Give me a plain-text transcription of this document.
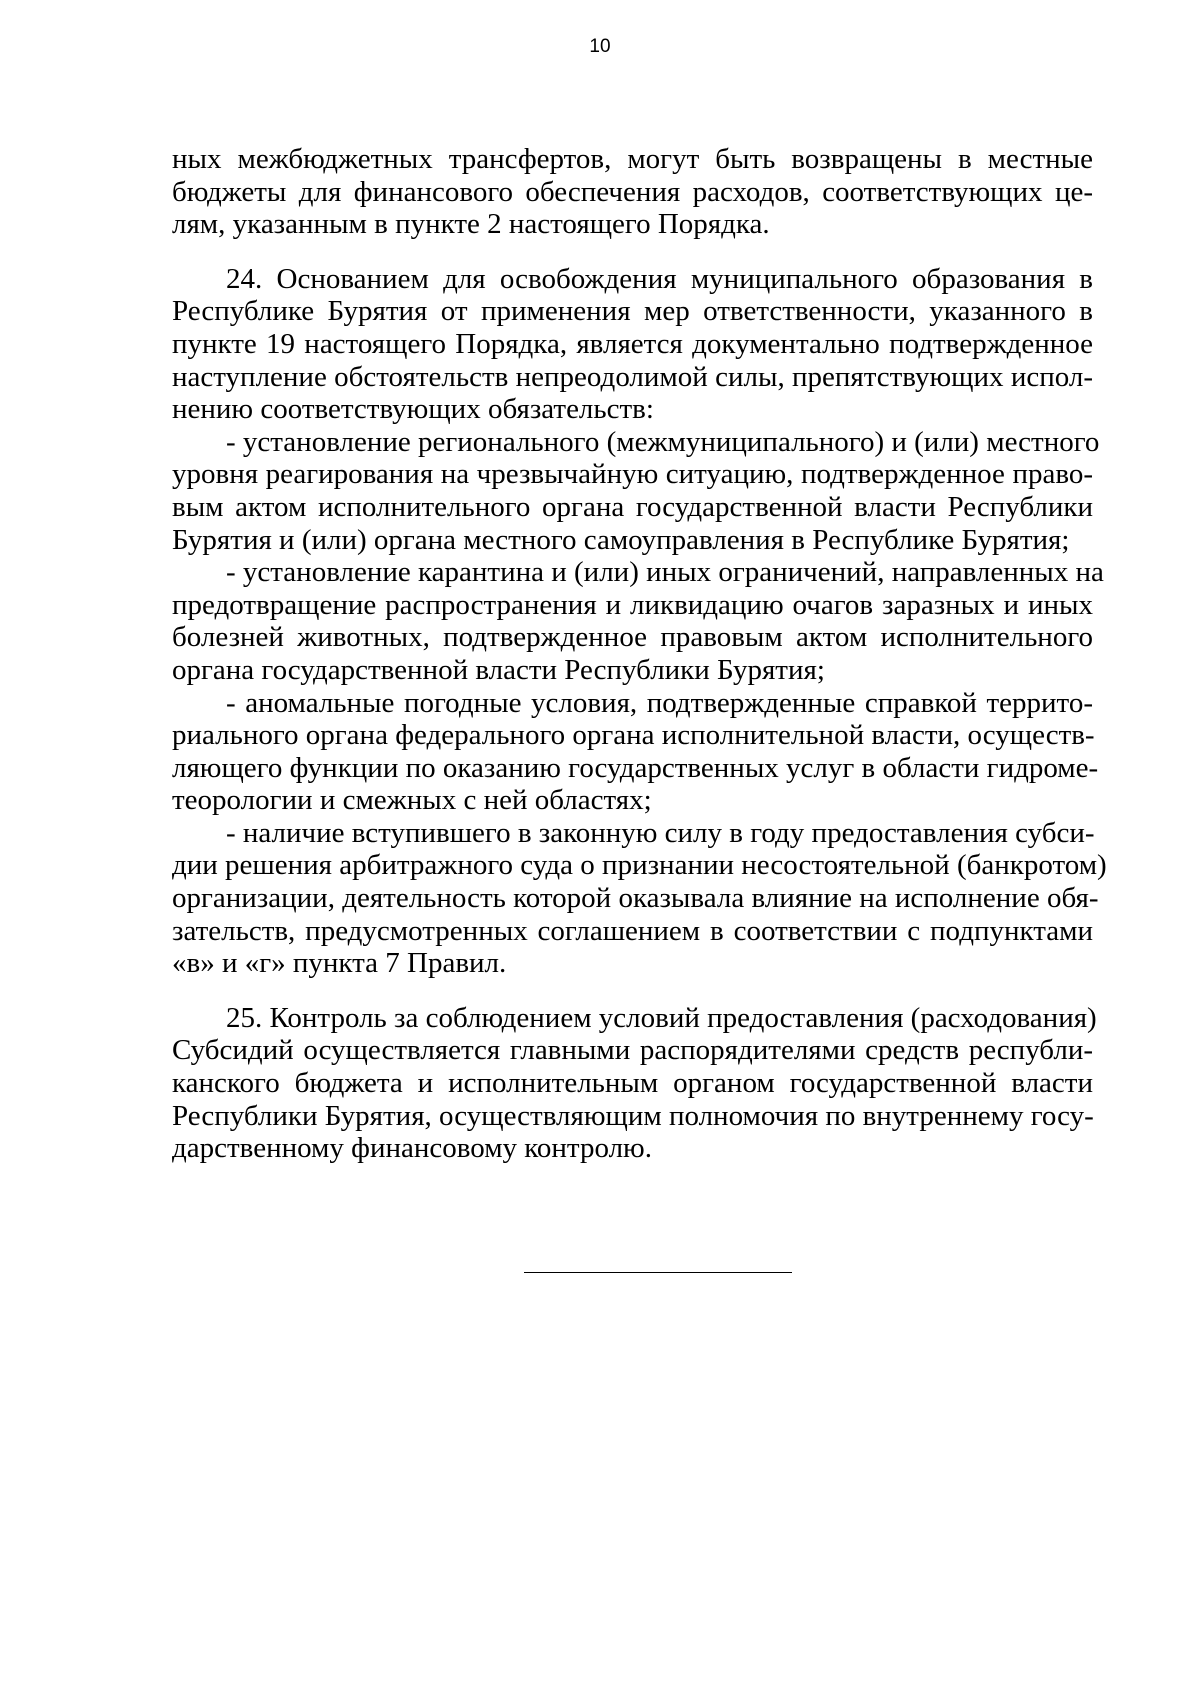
10
ных межбюджетных трансфертов, могут быть возвращены в местные
бюджеты для финансового обеспечения расходов, соответствующих це-
лям, указанным в пункте 2 настоящего Порядка.
24. Основанием для освобождения муниципального образования в
Республике Бурятия от применения мер ответственности, указанного в
пункте 19 настоящего Порядка, является документально подтвержденное
наступление обстоятельств непреодолимой силы, препятствующих испол-
нению соответствующих обязательств:
- установление регионального (межмуниципального) и (или) местного
уровня реагирования на чрезвычайную ситуацию, подтвержденное право-
вым актом исполнительного органа государственной власти Республики
Бурятия и (или) органа местного самоуправления в Республике Бурятия;
- установление карантина и (или) иных ограничений, направленных на
предотвращение распространения и ликвидацию очагов заразных и иных
болезней животных, подтвержденное правовым актом исполнительного
органа государственной власти Республики Бурятия;
- аномальные погодные условия, подтвержденные справкой террито-
риального органа федерального органа исполнительной власти, осуществ-
ляющего функции по оказанию государственных услуг в области гидроме-
теорологии и смежных с ней областях;
- наличие вступившего в законную силу в году предоставления субси-
дии решения арбитражного суда о признании несостоятельной (банкротом)
организации, деятельность которой оказывала влияние на исполнение обя-
зательств, предусмотренных соглашением в соответствии с подпунктами
«в» и «г» пункта 7 Правил.
25. Контроль за соблюдением условий предоставления (расходования)
Субсидий осуществляется главными распорядителями средств республи-
канского бюджета и исполнительным органом государственной власти
Республики Бурятия, осуществляющим полномочия по внутреннему госу-
дарственному финансовому контролю.
